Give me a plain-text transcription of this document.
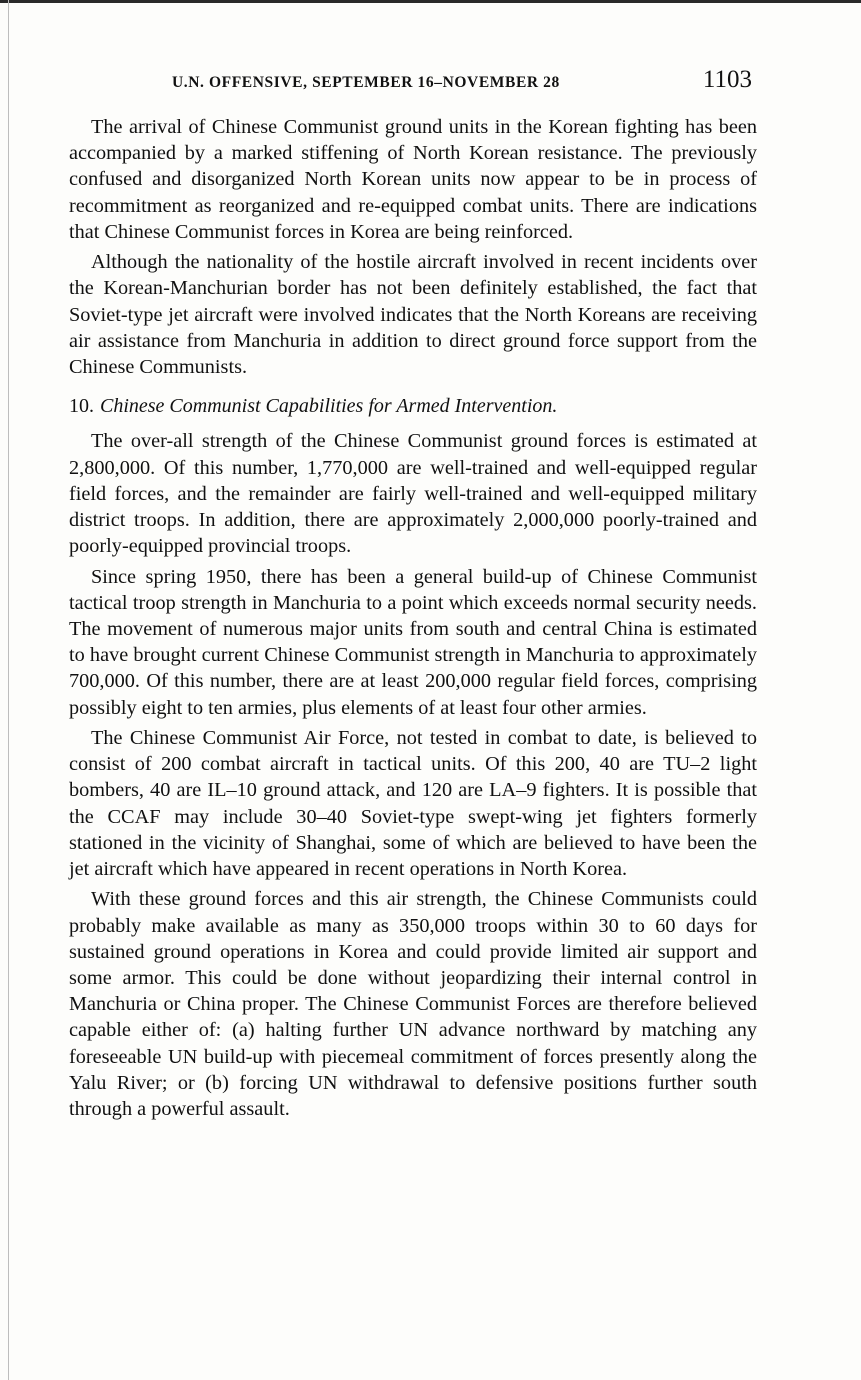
U.N. OFFENSIVE, SEPTEMBER 16–NOVEMBER 28	1103

The arrival of Chinese Communist ground units in the Korean fighting has been accompanied by a marked stiffening of North Korean resistance. The previously confused and disorganized North Korean units now appear to be in process of recommitment as reorganized and re-equipped combat units. There are indications that Chinese Communist forces in Korea are being reinforced.

Although the nationality of the hostile aircraft involved in recent incidents over the Korean-Manchurian border has not been definitely established, the fact that Soviet-type jet aircraft were involved indicates that the North Koreans are receiving air assistance from Manchuria in addition to direct ground force support from the Chinese Communists.

10. Chinese Communist Capabilities for Armed Intervention.

The over-all strength of the Chinese Communist ground forces is estimated at 2,800,000. Of this number, 1,770,000 are well-trained and well-equipped regular field forces, and the remainder are fairly well-trained and well-equipped military district troops. In addition, there are approximately 2,000,000 poorly-trained and poorly-equipped provincial troops.

Since spring 1950, there has been a general build-up of Chinese Communist tactical troop strength in Manchuria to a point which exceeds normal security needs. The movement of numerous major units from south and central China is estimated to have brought current Chinese Communist strength in Manchuria to approximately 700,000. Of this number, there are at least 200,000 regular field forces, comprising possibly eight to ten armies, plus elements of at least four other armies.

The Chinese Communist Air Force, not tested in combat to date, is believed to consist of 200 combat aircraft in tactical units. Of this 200, 40 are TU–2 light bombers, 40 are IL–10 ground attack, and 120 are LA–9 fighters. It is possible that the CCAF may include 30–40 Soviet-type swept-wing jet fighters formerly stationed in the vicinity of Shanghai, some of which are believed to have been the jet aircraft which have appeared in recent operations in North Korea.

With these ground forces and this air strength, the Chinese Communists could probably make available as many as 350,000 troops within 30 to 60 days for sustained ground operations in Korea and could provide limited air support and some armor. This could be done without jeopardizing their internal control in Manchuria or China proper. The Chinese Communist Forces are therefore believed capable either of: (a) halting further UN advance northward by matching any foreseeable UN build-up with piecemeal commitment of forces presently along the Yalu River; or (b) forcing UN withdrawal to defensive positions further south through a powerful assault.
